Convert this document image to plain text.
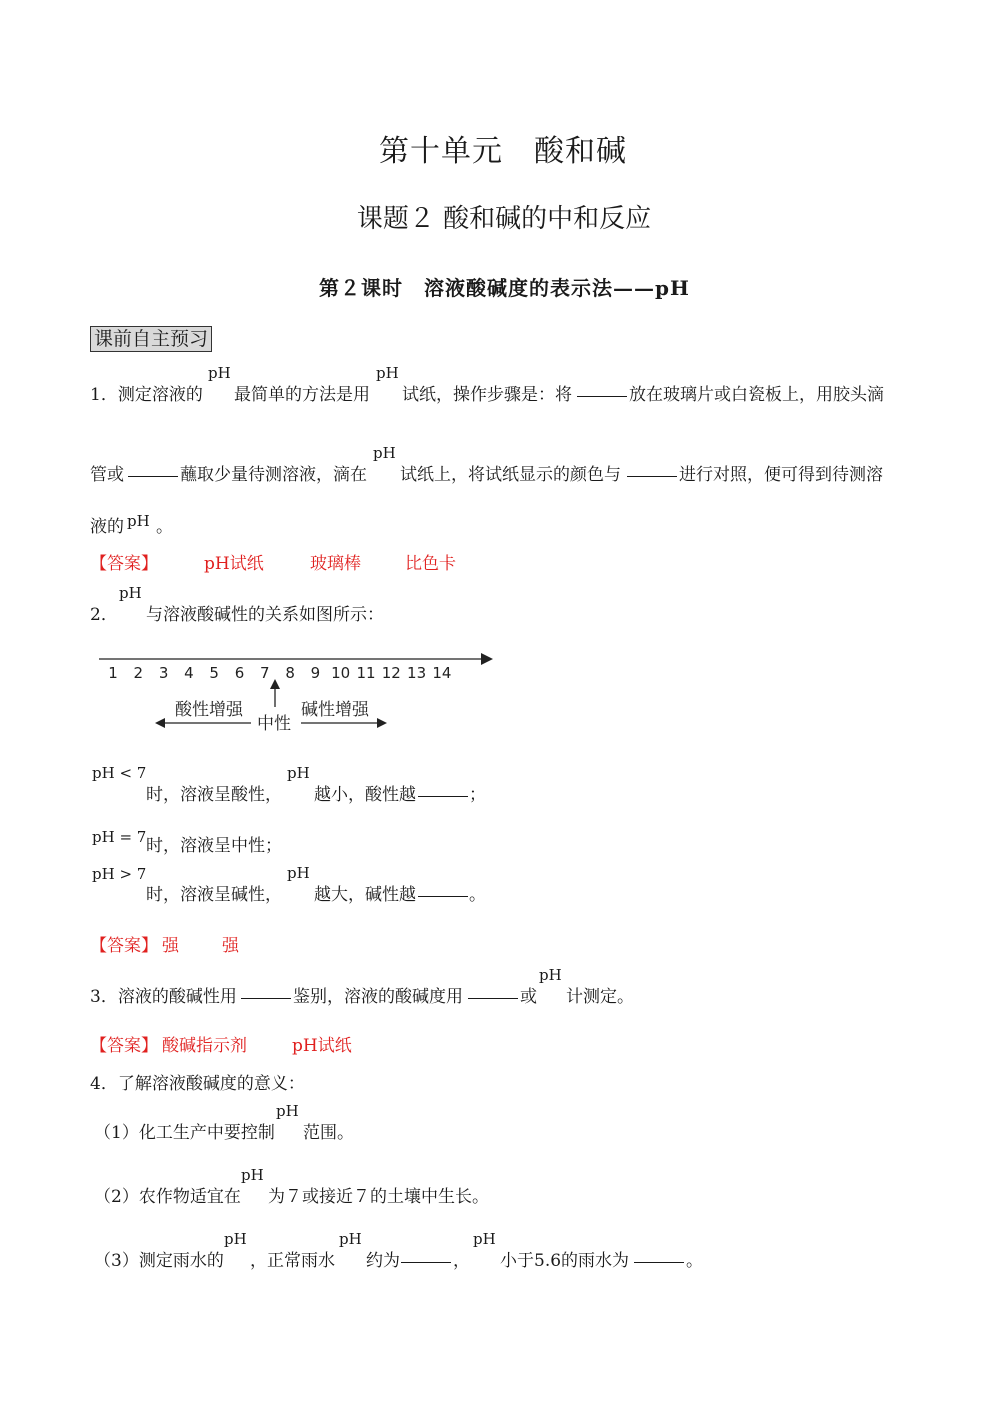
第十单元　酸和碱
课题２ 酸和碱的中和反应
第２课时　溶液酸碱度的表示法——pH
课前自主预习
1．测定溶液的
pH
最简单的方法是用
pH
试纸，操作步骤是：将	放在玻璃片或白瓷板上，用胶头滴
管或	蘸取少量待测溶液，滴在
pH
试纸上，将试纸显示的颜色与	进行对照，便可得到待测溶
液的 pH 。
【答案】	pH试纸	玻璃棒	比色卡
2．
pH
与溶液酸碱性的关系如图所示：
1 2 3 4 5 6 7 8 9 10 11 12 13 14
酸性增强
中性
碱性增强
pH < 7
时，溶液呈酸性，
pH
越小，酸性越	；
pH = 7 时，溶液呈中性；
pH > 7
时，溶液呈碱性，
pH
越大，碱性越	。
【答案】 强	强
3．溶液的酸碱性用	鉴别，溶液的酸碱度用	或
pH
计测定。
【答案】 酸碱指示剂	pH试纸
4．了解溶液酸碱度的意义：
（1）化工生产中要控制
pH
范围。
（2）农作物适宜在
pH
为７或接近７的土壤中生长。
（3）测定雨水的
pH
，正常雨水
pH
约为	，
pH
小于5.6的雨水为	。
